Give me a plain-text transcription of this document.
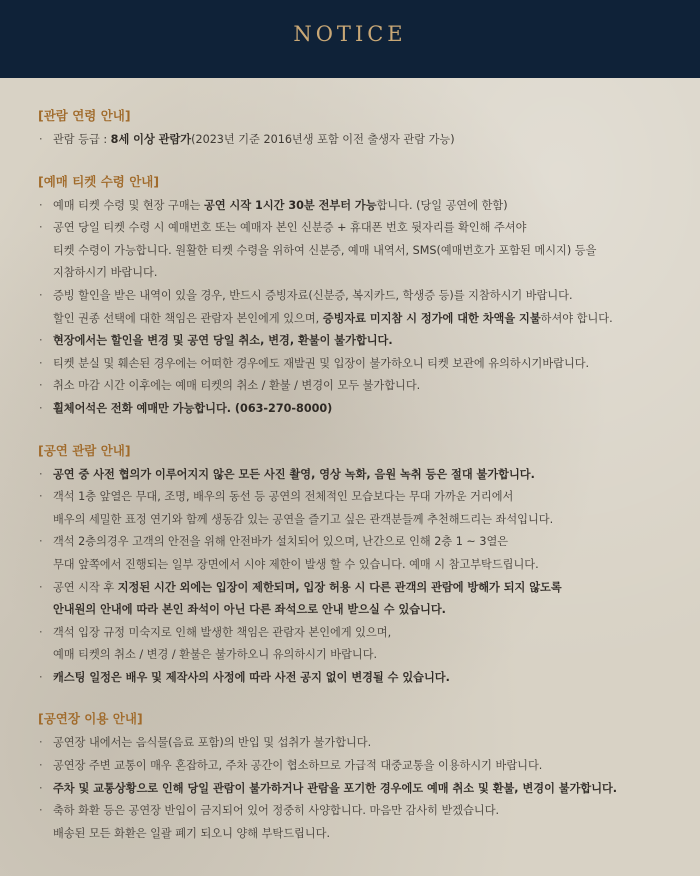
NOTICE
[관람 연령 안내]
· 관람 등급 : 8세 이상 관람가(2023년 기준 2016년생 포함 이전 출생자 관람 가능)
[예매 티켓 수령 안내]
· 예매 티켓 수령 및 현장 구매는 공연 시작 1시간 30분 전부터 가능합니다. (당일 공연에 한함)
· 공연 당일 티켓 수령 시 예매번호 또는 예매자 본인 신분증 + 휴대폰 번호 뒷자리를 확인해 주셔야
티켓 수령이 가능합니다. 원활한 티켓 수령을 위하여 신분증, 예매 내역서, SMS(예매번호가 포함된 메시지) 등을
지참하시기 바랍니다.
· 증빙 할인을 받은 내역이 있을 경우, 반드시 증빙자료(신분증, 복지카드, 학생증 등)를 지참하시기 바랍니다.
할인 권종 선택에 대한 책임은 관람자 본인에게 있으며, 증빙자료 미지참 시 정가에 대한 차액을 지불하셔야 합니다.
· 현장에서는 할인을 변경 및 공연 당일 취소, 변경, 환불이 불가합니다.
· 티켓 분실 및 훼손된 경우에는 어떠한 경우에도 재발권 및 입장이 불가하오니 티켓 보관에 유의하시기바랍니다.
· 취소 마감 시간 이후에는 예매 티켓의 취소 / 환불 / 변경이 모두 불가합니다.
· 휠체어석은 전화 예매만 가능합니다. (063-270-8000)
[공연 관람 안내]
· 공연 중 사전 협의가 이루어지지 않은 모든 사진 촬영, 영상 녹화, 음원 녹취 등은 절대 불가합니다.
· 객석 1층 앞열은 무대, 조명, 배우의 동선 등 공연의 전체적인 모습보다는 무대 가까운 거리에서
배우의 세밀한 표정 연기와 함께 생동감 있는 공연을 즐기고 싶은 관객분들께 추천해드리는 좌석입니다.
· 객석 2층의경우 고객의 안전을 위해 안전바가 설치되어 있으며, 난간으로 인해 2층 1 ~ 3열은
무대 앞쪽에서 진행되는 일부 장면에서 시야 제한이 발생 할 수 있습니다. 예매 시 참고부탁드립니다.
· 공연 시작 후 지정된 시간 외에는 입장이 제한되며, 입장 허용 시 다른 관객의 관람에 방해가 되지 않도록
안내원의 안내에 따라 본인 좌석이 아닌 다른 좌석으로 안내 받으실 수 있습니다.
· 객석 입장 규정 미숙지로 인해 발생한 책임은 관람자 본인에게 있으며,
예매 티켓의 취소 / 변경 / 환불은 불가하오니 유의하시기 바랍니다.
· 캐스팅 일정은 배우 및 제작사의 사정에 따라 사전 공지 없이 변경될 수 있습니다.
[공연장 이용 안내]
· 공연장 내에서는 음식물(음료 포함)의 반입 및 섭취가 불가합니다.
· 공연장 주변 교통이 매우 혼잡하고, 주차 공간이 협소하므로 가급적 대중교통을 이용하시기 바랍니다.
· 주차 및 교통상황으로 인해 당일 관람이 불가하거나 관람을 포기한 경우에도 예매 취소 및 환불, 변경이 불가합니다.
· 축하 화환 등은 공연장 반입이 금지되어 있어 정중히 사양합니다. 마음만 감사히 받겠습니다.
배송된 모든 화환은 일괄 폐기 되오니 양해 부탁드립니다.
